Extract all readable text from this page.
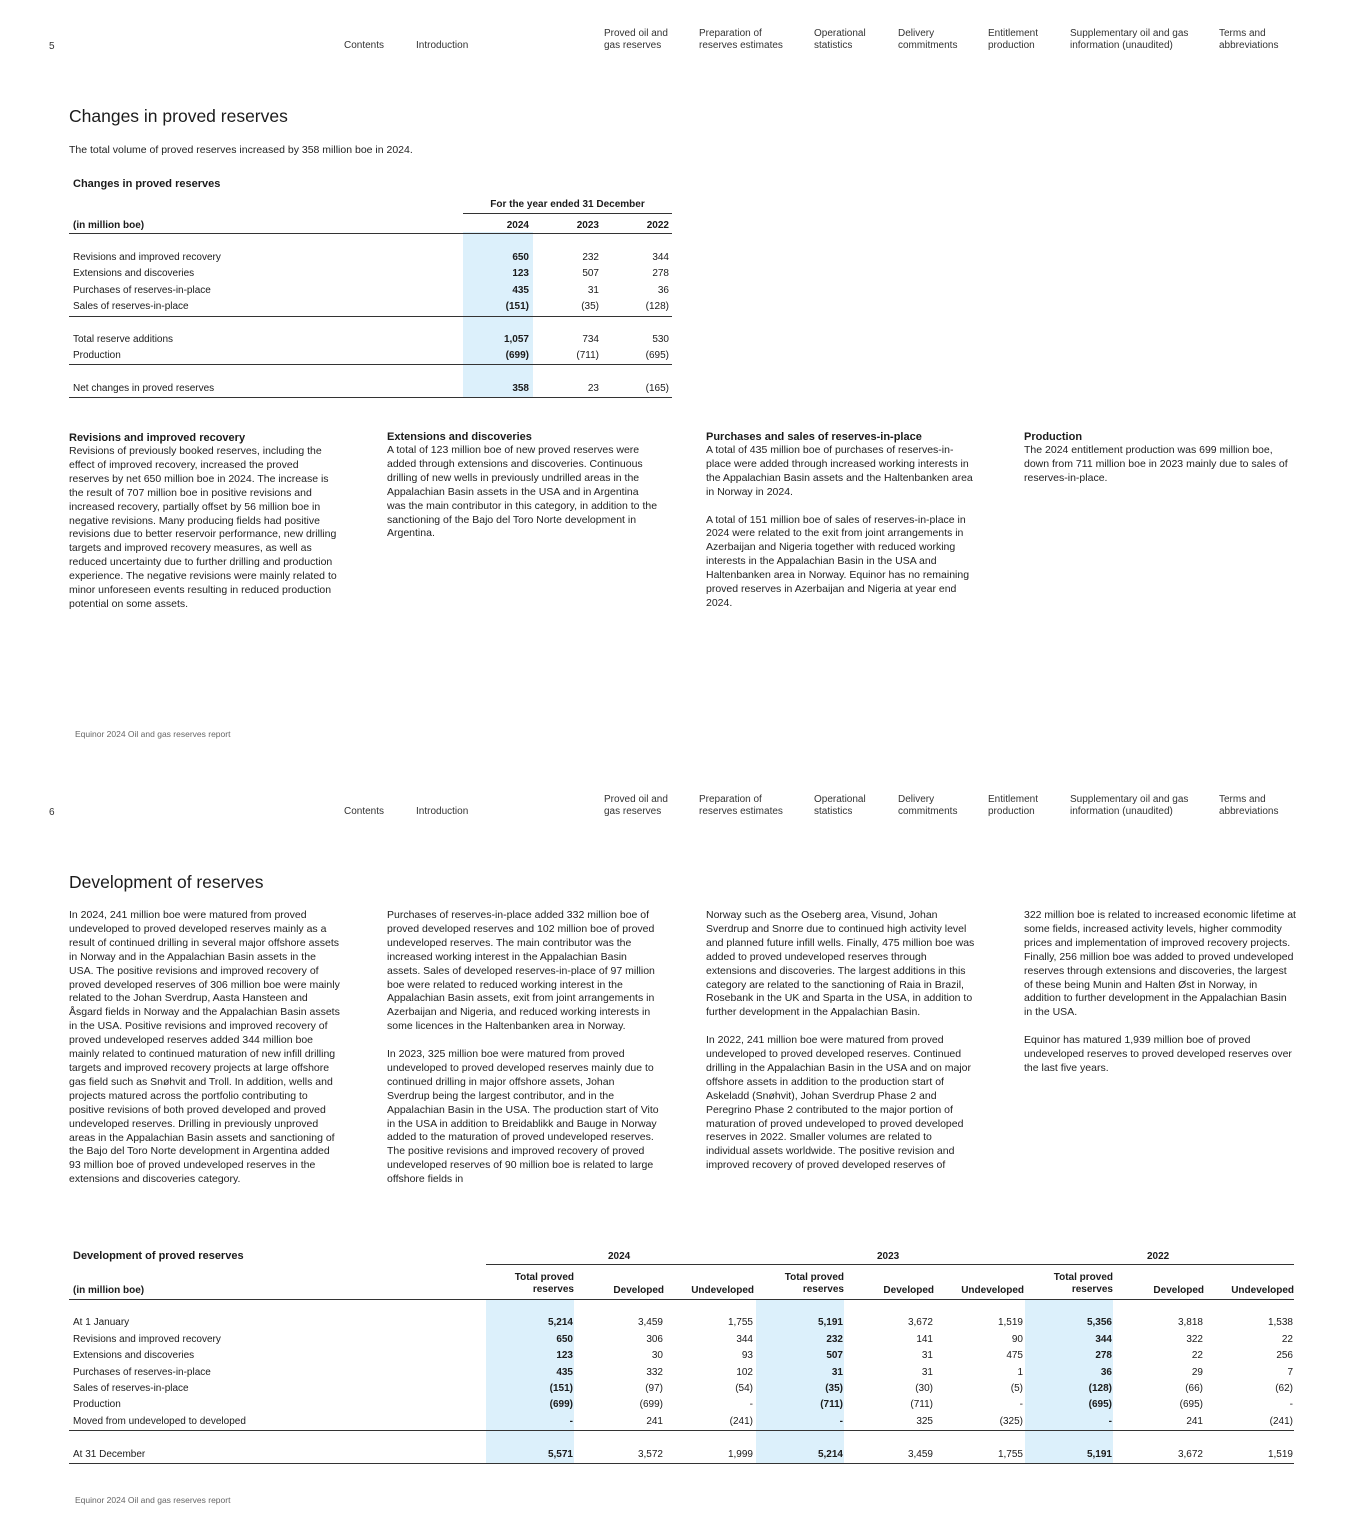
5	Contents	Introduction
Proved oil and
gas reserves
Preparation of
reserves estimates
Operational
statistics
Delivery
commitments
Entitlement
production
Supplementary oil and gas
information (unaudited)
Terms and
abbreviations
Changes in proved reserves

The total volume of proved reserves increased by 358 million boe in 2024.

Changes in proved reserves
For the year ended 31 December
(in million boe)	2024	2023	2022
Revisions and improved recovery	650	232	344
Extensions and discoveries	123	507	278
Purchases of reserves-in-place	435	31	36
Sales of reserves-in-place	(151)	(35)	(128)
Total reserve additions	1,057	734	530
Production	(699)	(711)	(695)
Net changes in proved reserves	358	23	(165)
Revisions and improved recovery

Revisions of previously booked reserves, including the effect of improved recovery, increased the proved reserves by net 650 million boe in 2024. The increase is the result of 707 million boe in positive revisions and increased recovery, partially offset by 56 million boe in negative revisions. Many producing fields had positive revisions due to better reservoir performance, new drilling targets and improved recovery measures, as well as reduced uncertainty due to further drilling and production experience. The negative revisions were mainly related to minor unforeseen events resulting in reduced production potential on some assets.

Extensions and discoveries

A total of 123 million boe of new proved reserves were added through extensions and discoveries. Continuous drilling of new wells in previously undrilled areas in the Appalachian Basin assets in the USA and in Argentina was the main contributor in this category, in addition to the sanctioning of the Bajo del Toro Norte development in Argentina.

Purchases and sales of reserves-in-place

A total of 435 million boe of purchases of reserves-in-place were added through increased working interests in the Appalachian Basin assets and the Haltenbanken area in Norway in 2024.

A total of 151 million boe of sales of reserves-in-place in 2024 were related to the exit from joint arrangements in Azerbaijan and Nigeria together with reduced working interests in the Appalachian Basin in the USA and Haltenbanken area in Norway. Equinor has no remaining proved reserves in Azerbaijan and Nigeria at year end 2024.

Production

The 2024 entitlement production was 699 million boe, down from 711 million boe in 2023 mainly due to sales of reserves-in-place.

Equinor 2024 Oil and gas reserves report
6	Contents	Introduction
Proved oil and
gas reserves
Preparation of
reserves estimates
Operational
statistics
Delivery
commitments
Entitlement
production
Supplementary oil and gas
information (unaudited)
Terms and
abbreviations
Development of reserves

In 2024, 241 million boe were matured from proved undeveloped to proved developed reserves mainly as a result of continued drilling in several major offshore assets in Norway and in the Appalachian Basin assets in the USA. The positive revisions and improved recovery of proved developed reserves of 306 million boe were mainly related to the Johan Sverdrup, Aasta Hansteen and Åsgard fields in Norway and the Appalachian Basin assets in the USA. Positive revisions and improved recovery of proved undeveloped reserves added 344 million boe mainly related to continued maturation of new infill drilling targets and improved recovery projects at large offshore gas field such as Snøhvit and Troll. In addition, wells and projects matured across the portfolio contributing to positive revisions of both proved developed and proved undeveloped reserves. Drilling in previously unproved areas in the Appalachian Basin assets and sanctioning of the Bajo del Toro Norte development in Argentina added 93 million boe of proved undeveloped reserves in the extensions and discoveries category.

Purchases of reserves-in-place added 332 million boe of proved developed reserves and 102 million boe of proved undeveloped reserves. The main contributor was the increased working interest in the Appalachian Basin assets. Sales of developed reserves-in-place of 97 million boe were related to reduced working interest in the Appalachian Basin assets, exit from joint arrangements in Azerbaijan and Nigeria, and reduced working interests in some licences in the Haltenbanken area in Norway.

In 2023, 325 million boe were matured from proved undeveloped to proved developed reserves mainly due to continued drilling in major offshore assets, Johan Sverdrup being the largest contributor, and in the Appalachian Basin in the USA. The production start of Vito in the USA in addition to Breidablikk and Bauge in Norway added to the maturation of proved undeveloped reserves. The positive revisions and improved recovery of proved undeveloped reserves of 90 million boe is related to large offshore fields in

Norway such as the Oseberg area, Visund, Johan Sverdrup and Snorre due to continued high activity level and planned future infill wells. Finally, 475 million boe was added to proved undeveloped reserves through extensions and discoveries. The largest additions in this category are related to the sanctioning of Raia in Brazil, Rosebank in the UK and Sparta in the USA, in addition to further development in the Appalachian Basin.

In 2022, 241 million boe were matured from proved undeveloped to proved developed reserves. Continued drilling in the Appalachian Basin in the USA and on major offshore assets in addition to the production start of Askeladd (Snøhvit), Johan Sverdrup Phase 2 and Peregrino Phase 2 contributed to the major portion of maturation of proved undeveloped to proved developed reserves in 2022. Smaller volumes are related to individual assets worldwide. The positive revision and improved recovery of proved developed reserves of

322 million boe is related to increased economic lifetime at some fields, increased activity levels, higher commodity prices and implementation of improved recovery projects. Finally, 256 million boe was added to proved undeveloped reserves through extensions and discoveries, the largest of these being Munin and Halten Øst in Norway, in addition to further development in the Appalachian Basin in the USA.

Equinor has matured 1,939 million boe of proved undeveloped reserves to proved developed reserves over the last five years.

Equinor 2024 Oil and gas reserves report
Development of proved reserves	2024	2023	2022
Total proved
reserves	Developed	Undeveloped
Total proved
reserves	Developed	Undeveloped
Total proved
reserves	Developed	Undeveloped
(in million boe)
At 1 January	5,214	3,459	1,755	5,191	3,672	1,519	5,356	3,818	1,538
Revisions and improved recovery	650	306	344	232	141	90	344	322	22
Extensions and discoveries	123	30	93	507	31	475	278	22	256
Purchases of reserves-in-place	435	332	102	31	31	1	36	29	7
Sales of reserves-in-place	(151)	(97)	(54)	(35)	(30)	(5)	(128)	(66)	(62)
Production	(699)	(699)	-	(711)	(711)	-	(695)	(695)	-
Moved from undeveloped to developed	-	241	(241)	-	325	(325)	-	241	(241)
At 31 December	5,571	3,572	1,999	5,214	3,459	1,755	5,191	3,672	1,519
